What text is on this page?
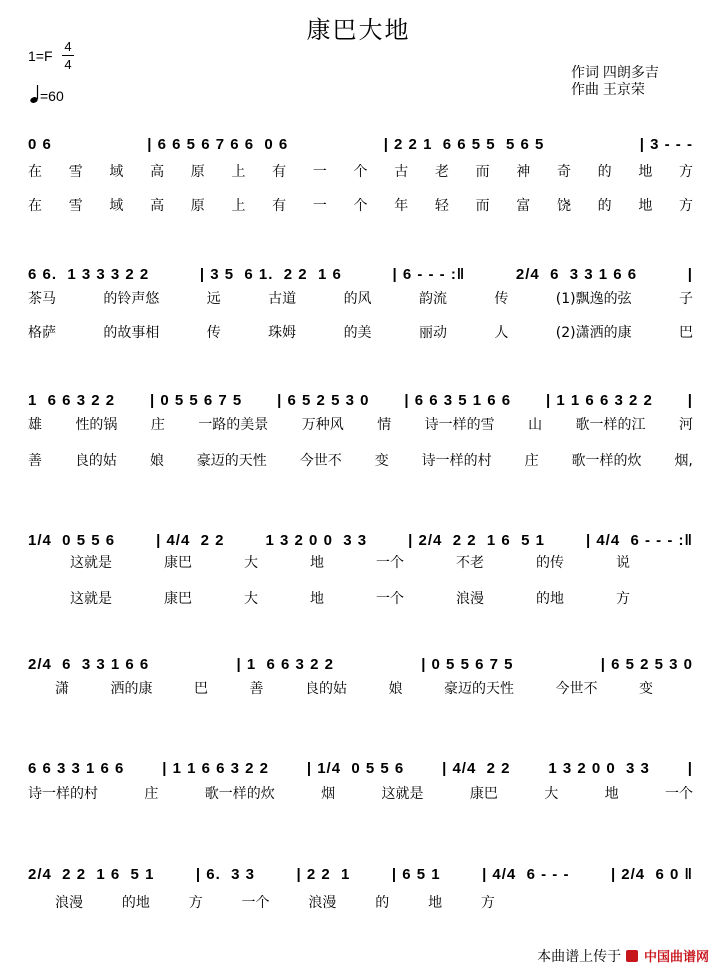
康巴大地
1=F
4
4
=60
作词 四朗多吉
作曲 王京荣
0 6	| 6 6 5 6 7 6 6  0 6	| 2 2 1  6 6 5 5  5 6 5	| 3 - - -
在 雪 域 高 原 上 有 一 个 古 老 而 神 奇 的 地 方
在 雪 域 高 原 上 有 一 个 年 轻 而 富 饶 的 地 方
6 6.  1 3 3 3 2 2	| 3 5  6 1.  2 2  1 6	| 6 - - - :‖	2/4  6  3 3 1 6 6	|
茶马	的铃声悠	远	古道	的风	韵流	传	(1)飘逸的弦	子
格萨	的故事相	传	珠姆	的美	丽动	人	(2)潇洒的康	巴
1  6 6 3 2 2 | 0 5 5 6 7 5 | 6 5 2 5 3 0 | 6 6 3 5 1 6 6 | 1 1 6 6 3 2 2 |
雄 性的锅 庄 一路的美景 万种风 情 诗一样的雪 山 歌一样的江 河
善 良的姑 娘 豪迈的天性 今世不 变 诗一样的村 庄 歌一样的炊 烟,
1/4  0 5 5 6	| 4/4  2 2	1 3 2 0 0  3 3	| 2/4  2 2  1 6  5 1	| 4/4  6 - - - :‖
这就是	康巴	大	地	一个	不老	的传	说
这就是	康巴	大	地	一个	浪漫	的地	方
2/4  6  3 3 1 6 6	| 1  6 6 3 2 2	| 0 5 5 6 7 5	| 6 5 2 5 3 0
潇	洒的康	巴	善	良的姑	娘	豪迈的天性	今世不	变
6 6 3 3 1 6 6	| 1 1 6 6 3 2 2	| 1/4  0 5 5 6	| 4/4  2 2	1 3 2 0 0  3 3	|
诗一样的村	庄	歌一样的炊	烟	这就是	康巴	大	地	一个
2/4  2 2  1 6  5 1	| 6.  3 3	| 2 2  1	| 6 5 1	| 4/4  6 - - -	| 2/4  6 0 ‖
浪漫	的地	方	一个	浪漫	的	地	方
本曲谱上传于 中国曲谱网
